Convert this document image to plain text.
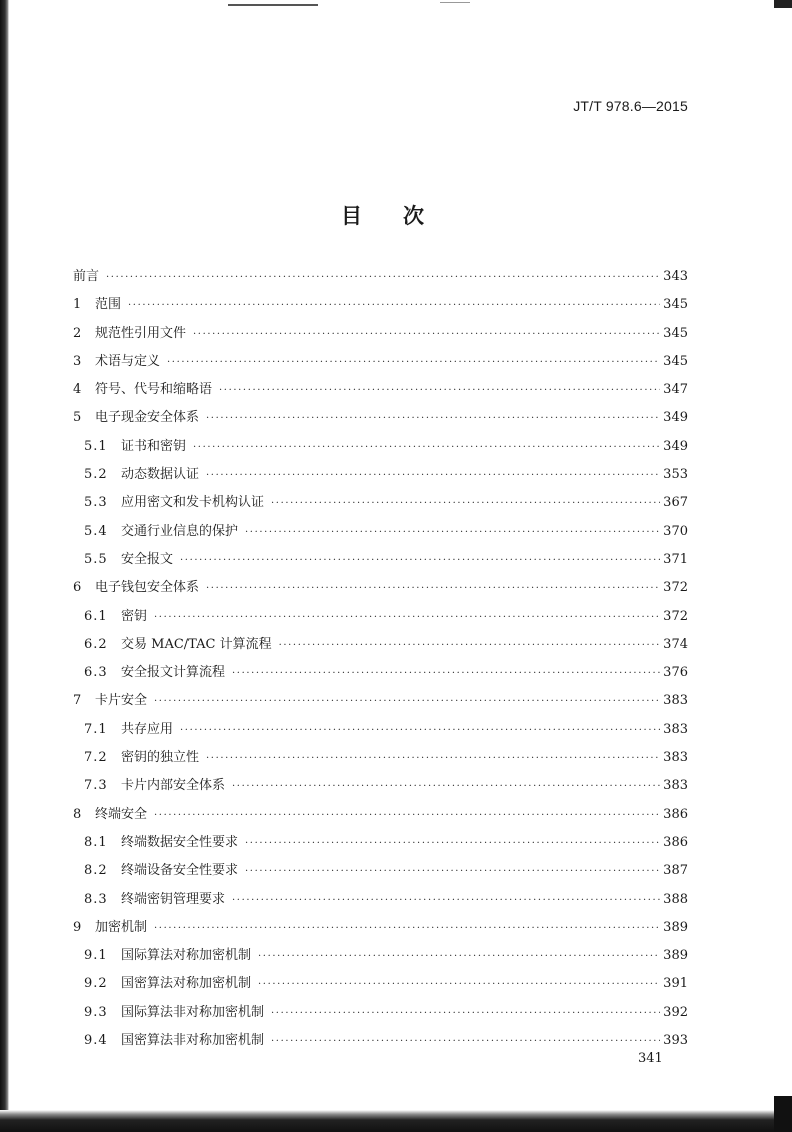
JT/T 978.6—2015
目 次
前言 ·····	343
1	范围 ·····	345
2	规范性引用文件 ·····	345
3	术语与定义 ·····	345
4	符号、代号和缩略语 ·····	347
5	电子现金安全体系 ·····	349
5.1	证书和密钥 ·····	349
5.2	动态数据认证 ·····	353
5.3	应用密文和发卡机构认证 ·····	367
5.4	交通行业信息的保护 ·····	370
5.5	安全报文 ·····	371
6	电子钱包安全体系 ·····	372
6.1	密钥 ·····	372
6.2	交易 MAC/TAC 计算流程 ·····	374
6.3	安全报文计算流程 ·····	376
7	卡片安全 ·····	383
7.1	共存应用 ·····	383
7.2	密钥的独立性 ·····	383
7.3	卡片内部安全体系 ·····	383
8	终端安全 ·····	386
8.1	终端数据安全性要求 ·····	386
8.2	终端设备安全性要求 ·····	387
8.3	终端密钥管理要求 ·····	388
9	加密机制 ·····	389
9.1	国际算法对称加密机制 ·····	389
9.2	国密算法对称加密机制 ·····	391
9.3	国际算法非对称加密机制 ·····	392
9.4	国密算法非对称加密机制 ·····	393
341
